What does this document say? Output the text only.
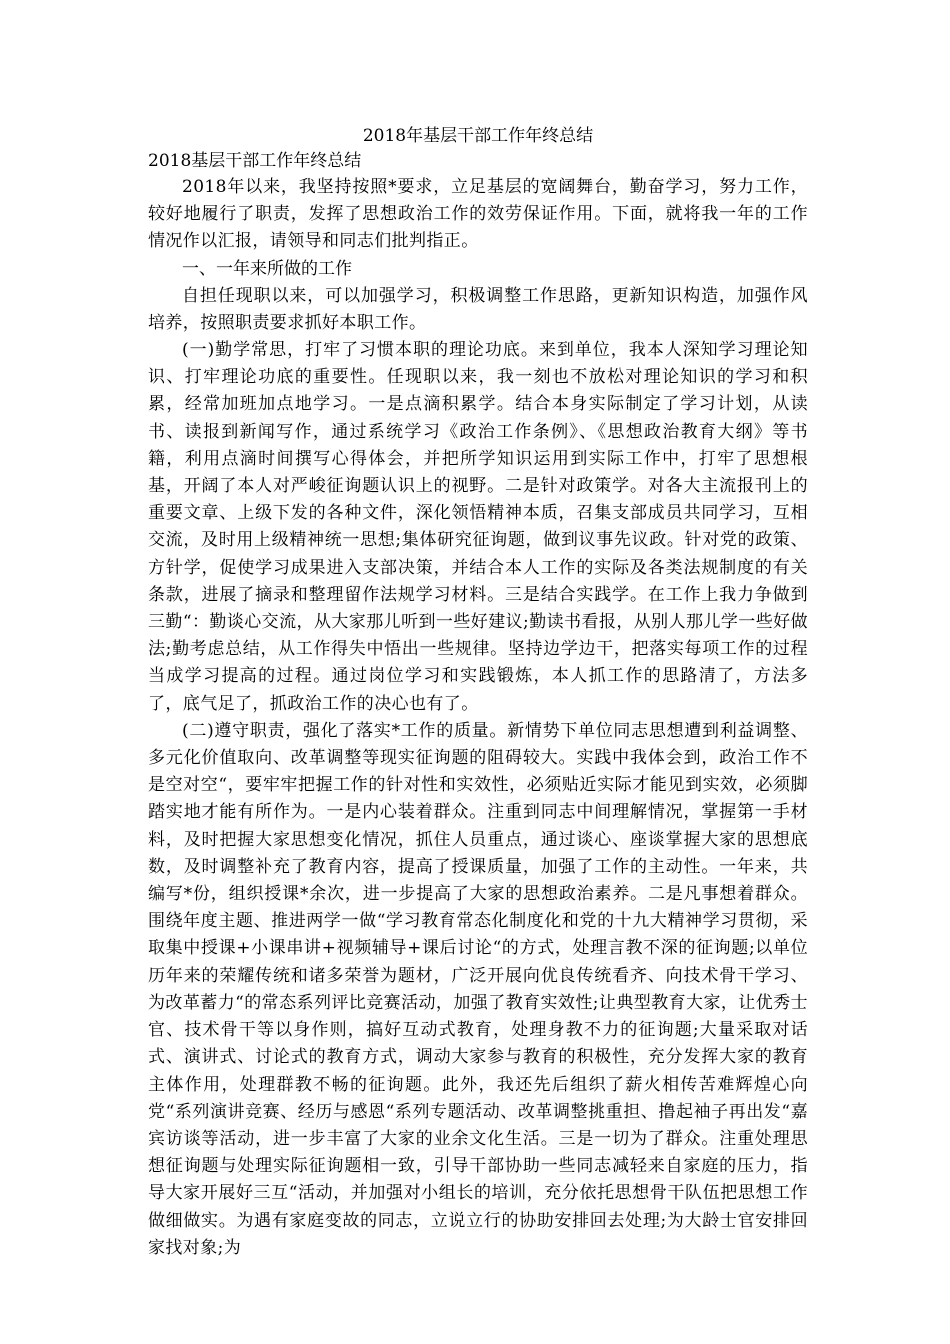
2018年基层干部工作年终总结

2018基层干部工作年终总结

2018年以来，我坚持按照*要求，立足基层的宽阔舞台，勤奋学习，努力工作，较好地履行了职责，发挥了思想政治工作的效劳保证作用。下面，就将我一年的工作情况作以汇报，请领导和同志们批判指正。

一、一年来所做的工作

自担任现职以来，可以加强学习，积极调整工作思路，更新知识构造，加强作风培养，按照职责要求抓好本职工作。

(一)勤学常思，打牢了习惯本职的理论功底。来到单位，我本人深知学习理论知识、打牢理论功底的重要性。任现职以来，我一刻也不放松对理论知识的学习和积累，经常加班加点地学习。一是点滴积累学。结合本身实际制定了学习计划，从读书、读报到新闻写作，通过系统学习《政治工作条例》、《思想政治教育大纲》等书籍，利用点滴时间撰写心得体会，并把所学知识运用到实际工作中，打牢了思想根基，开阔了本人对严峻征询题认识上的视野。二是针对政策学。对各大主流报刊上的重要文章、上级下发的各种文件，深化领悟精神本质，召集支部成员共同学习，互相交流，及时用上级精神统一思想;集体研究征询题，做到议事先议政。针对党的政策、方针学，促使学习成果进入支部决策，并结合本人工作的实际及各类法规制度的有关条款，进展了摘录和整理留作法规学习材料。三是结合实践学。在工作上我力争做到三勤“：勤谈心交流，从大家那儿听到一些好建议;勤读书看报，从别人那儿学一些好做法;勤考虑总结，从工作得失中悟出一些规律。坚持边学边干，把落实每项工作的过程当成学习提高的过程。通过岗位学习和实践锻炼，本人抓工作的思路清了，方法多了，底气足了，抓政治工作的决心也有了。

(二)遵守职责，强化了落实*工作的质量。新情势下单位同志思想遭到利益调整、多元化价值取向、改革调整等现实征询题的阻碍较大。实践中我体会到，政治工作不是空对空“，要牢牢把握工作的针对性和实效性，必须贴近实际才能见到实效，必须脚踏实地才能有所作为。一是内心装着群众。注重到同志中间理解情况，掌握第一手材料，及时把握大家思想变化情况，抓住人员重点，通过谈心、座谈掌握大家的思想底数，及时调整补充了教育内容，提高了授课质量，加强了工作的主动性。一年来，共编写*份，组织授课*余次，进一步提高了大家的思想政治素养。二是凡事想着群众。围绕年度主题、推进两学一做“学习教育常态化制度化和党的十九大精神学习贯彻，采取集中授课+小课串讲+视频辅导+课后讨论“的方式，处理言教不深的征询题;以单位历年来的荣耀传统和诸多荣誉为题材，广泛开展向优良传统看齐、向技术骨干学习、为改革蓄力“的常态系列评比竞赛活动，加强了教育实效性;让典型教育大家，让优秀士官、技术骨干等以身作则，搞好互动式教育，处理身教不力的征询题;大量采取对话式、演讲式、讨论式的教育方式，调动大家参与教育的积极性，充分发挥大家的教育主体作用，处理群教不畅的征询题。此外，我还先后组织了薪火相传苦难辉煌心向党“系列演讲竞赛、经历与感恩“系列专题活动、改革调整挑重担、撸起袖子再出发“嘉宾访谈等活动，进一步丰富了大家的业余文化生活。三是一切为了群众。注重处理思想征询题与处理实际征询题相一致，引导干部协助一些同志减轻来自家庭的压力，指导大家开展好三互“活动，并加强对小组长的培训，充分依托思想骨干队伍把思想工作做细做实。为遇有家庭变故的同志，立说立行的协助安排回去处理;为大龄士官安排回家找对象;为
